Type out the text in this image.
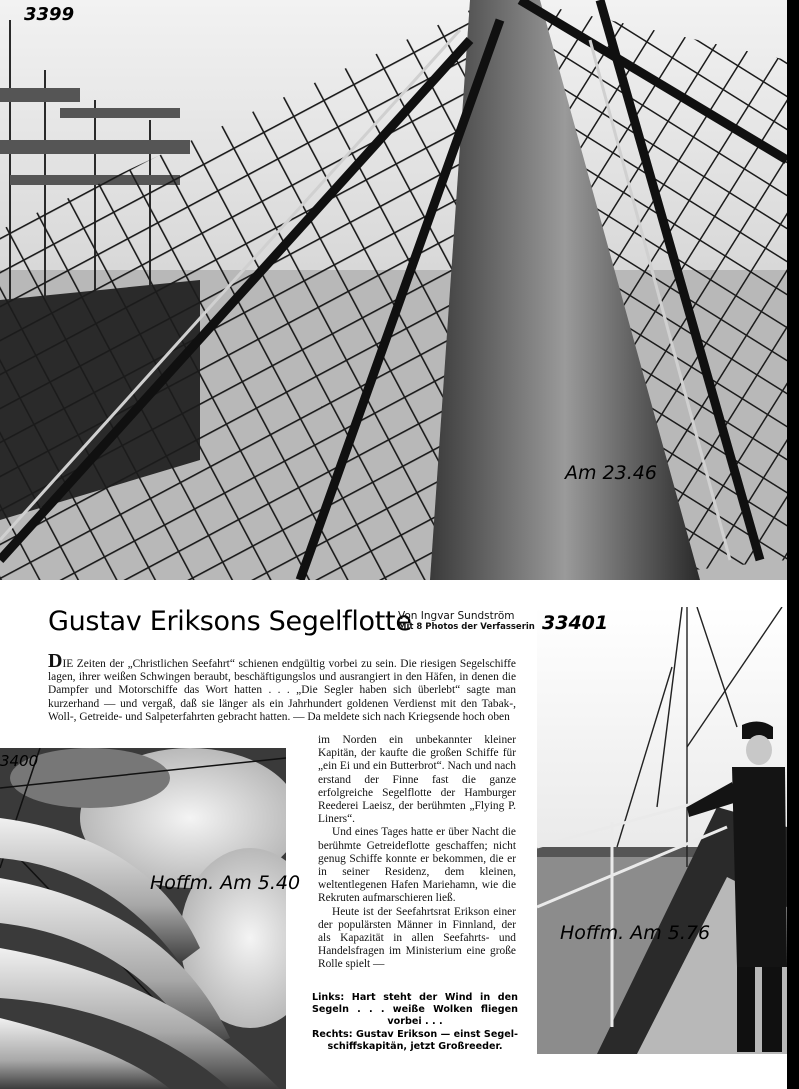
3399
Am 23.46
Gustav Eriksons Segelflotte
Von Ingvar Sundström
Mit 8 Photos der Verfasserin

DIE Zeiten der „Christlichen Seefahrt“ schienen endgültig vorbei zu sein. Die riesigen Segelschiffe lagen, ihrer weißen Schwingen beraubt, beschäftigungslos und ausrangiert in den Häfen, in denen die Dampfer und Motorschiffe das Wort hatten . . . „Die Segler haben sich überlebt“ sagte man kurzerhand — und vergaß, daß sie länger als ein Jahrhundert goldenen Verdienst mit den Tabak-, Woll-, Getreide- und Salpeterfahrten gebracht hatten. — Da meldete sich nach Kriegsende hoch oben

im Norden ein unbekannter kleiner Kapitän, der kaufte die großen Schiffe für „ein Ei und ein Butterbrot“. Nach und nach erstand der Finne fast die ganze erfolgreiche Segelflotte der Hamburger Reederei Laeisz, der berühmten „Flying P. Liners“.

Und eines Tages hatte er über Nacht die berühmte Getreideflotte geschaffen; nicht genug Schiffe konnte er bekommen, die er in seiner Residenz, dem kleinen, weltentlegenen Hafen Mariehamn, wie die Rekruten aufmarschieren ließ.

Heute ist der Seefahrtsrat Erikson einer der populärsten Männer in Finnland, der als Kapazität in allen Seefahrts- und Handelsfragen im Ministerium eine große Rolle spielt —

3400
Hoffm. Am 5.40
33401
Hoffm. Am 5.76
Links: Hart steht der Wind in den
Segeln . . . weiße Wolken fliegen
vorbei . . .
Rechts: Gustav Erikson — einst Segel-
schiffskapitän, jetzt Großreeder.
